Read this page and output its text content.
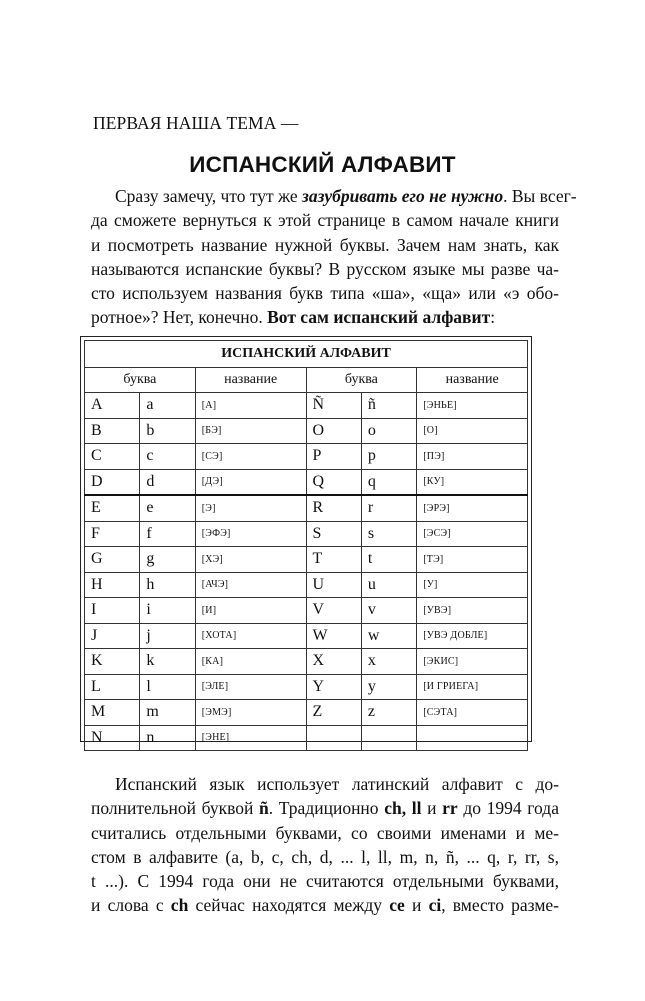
ПЕРВАЯ НАША ТЕМА —

ИСПАНСКИЙ АЛФАВИТ
Сразу замечу, что тут же зазубривать его не нужно. Вы всег-
да сможете вернуться к этой странице в самом начале книги
и посмотреть название нужной буквы. Зачем нам знать, как
называются испанские буквы? В русском языке мы разве ча-
сто используем названия букв типа «ша», «ща» или «э обо-
ротное»? Нет, конечно. Вот сам испанский алфавит:
ИСПАНСКИЙ АЛФАВИТ					
буква		название	буква		название
A	a	[А]	Ñ	ñ	[ЭНЬЕ]
B	b	[БЭ]	O	o	[О]
C	c	[СЭ]	P	p	[ПЭ]
D	d	[ДЭ]	Q	q	[КУ]
E	e	[Э]	R	r	[ЭРЭ]
F	f	[ЭФЭ]	S	s	[ЭСЭ]
G	g	[ХЭ]	T	t	[ТЭ]
H	h	[АЧЭ]	U	u	[У]
I	i	[И]	V	v	[УВЭ]
J	j	[ХОТА]	W	w	[УВЭ ДОБЛЕ]
K	k	[КА]	X	x	[ЭКИС]
L	l	[ЭЛЕ]	Y	y	[И ГРИЕГА]
M	m	[ЭМЭ]	Z	z	[СЭТА]
N	n	[ЭНЕ]			
Испанский язык использует латинский алфавит с до-
полнительной буквой ñ. Традиционно ch, ll и rr до 1994 года
считались отдельными буквами, со своими именами и ме-
стом в алфавите (a, b, c, ch, d, ... l, ll, m, n, ñ, ... q, r, rr, s,
t ...). С 1994 года они не считаются отдельными буквами,
и слова с ch сейчас находятся между ce и ci, вместо разме-
